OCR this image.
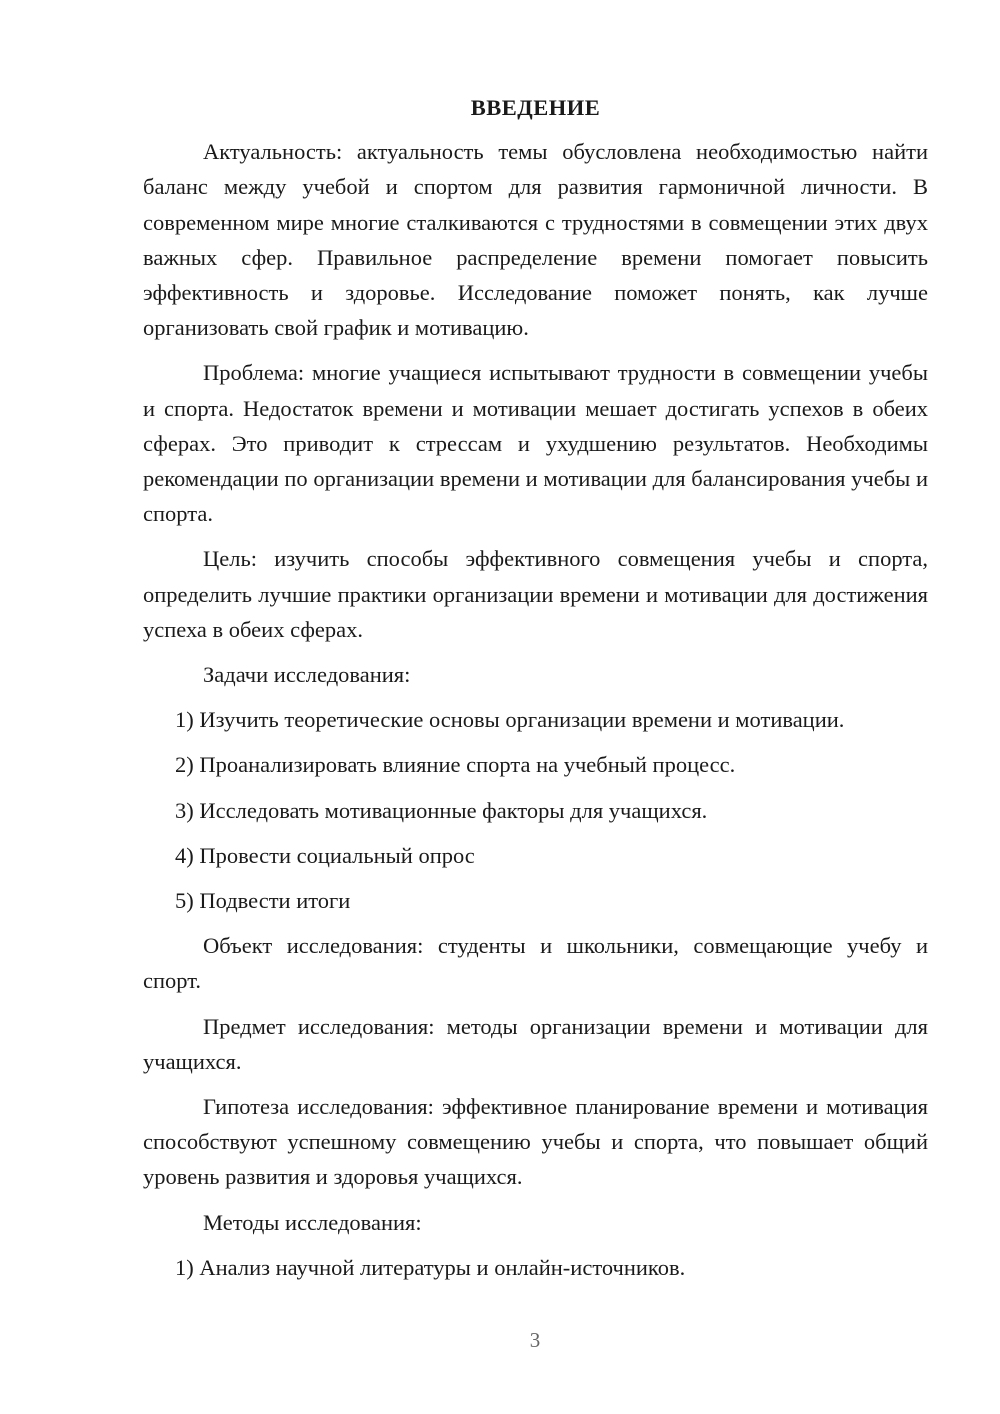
ВВЕДЕНИЕ

Актуальность: актуальность темы обусловлена необходимостью найти баланс между учебой и спортом для развития гармоничной личности. В современном мире многие сталкиваются с трудностями в совмещении этих двух важных сфер. Правильное распределение времени помогает повысить эффективность и здоровье. Исследование поможет понять, как лучше организовать свой график и мотивацию.

Проблема: многие учащиеся испытывают трудности в совмещении учебы и спорта. Недостаток времени и мотивации мешает достигать успехов в обеих сферах. Это приводит к стрессам и ухудшению результатов. Необходимы рекомендации по организации времени и мотивации для балансирования учебы и спорта.

Цель: изучить способы эффективного совмещения учебы и спорта, определить лучшие практики организации времени и мотивации для достижения успеха в обеих сферах.

Задачи исследования:
1) Изучить теоретические основы организации времени и мотивации.
2) Проанализировать влияние спорта на учебный процесс.
3) Исследовать мотивационные факторы для учащихся.
4) Провести социальный опрос
5) Подвести итоги

Объект исследования: студенты и школьники, совмещающие учебу и спорт.

Предмет исследования: методы организации времени и мотивации для учащихся.

Гипотеза исследования: эффективное планирование времени и мотивация способствуют успешному совмещению учебы и спорта, что повышает общий уровень развития и здоровья учащихся.

Методы исследования:
1) Анализ научной литературы и онлайн-источников.
3
